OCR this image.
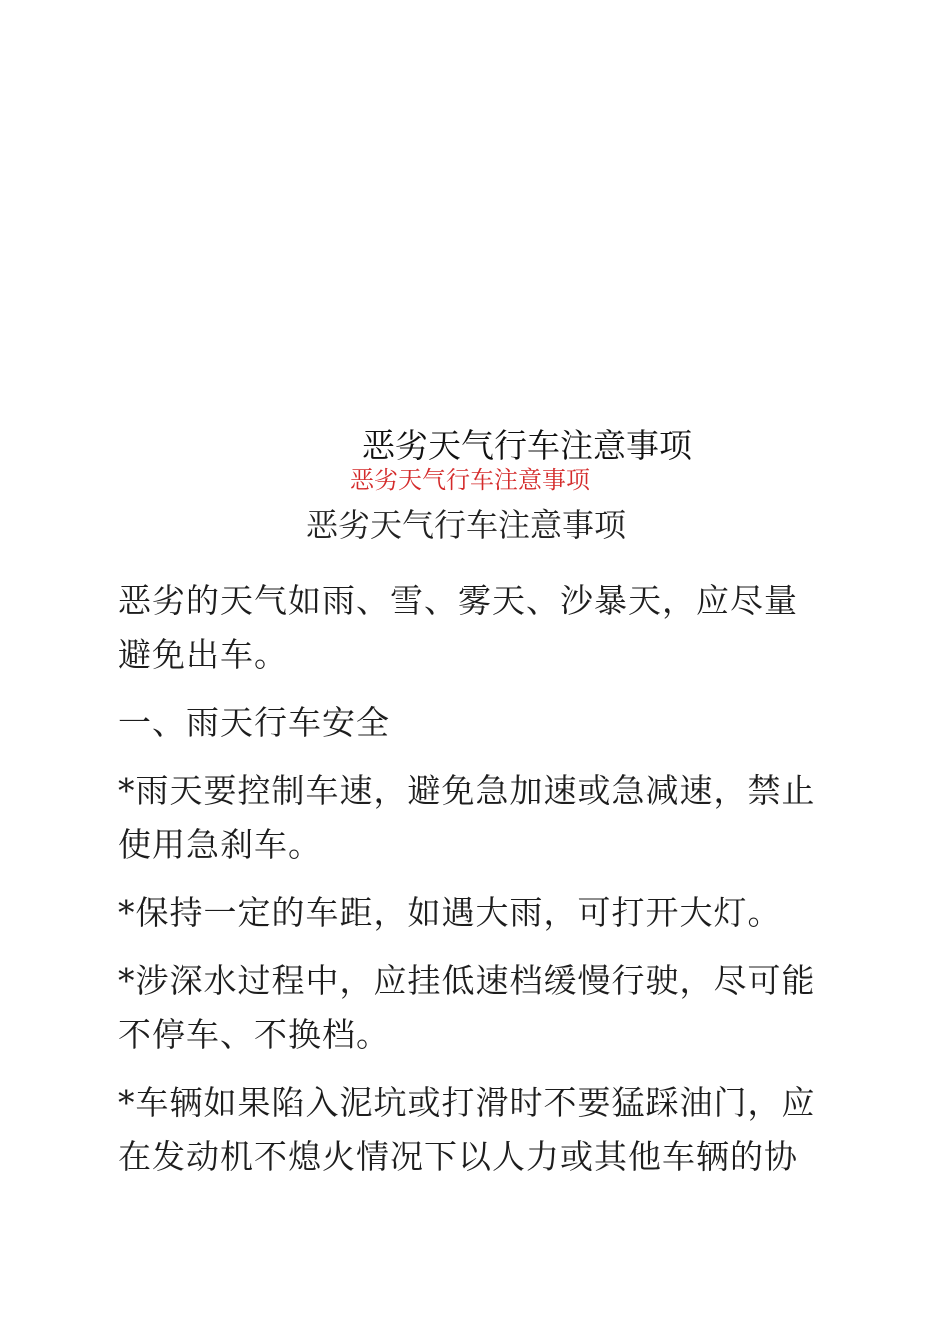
恶劣天气行车注意事项
恶劣天气行车注意事项
恶劣天气行车注意事项

恶劣的天气如雨、雪、雾天、沙暴天，应尽量避免出车。

一、雨天行车安全

*雨天要控制车速，避免急加速或急减速，禁止使用急刹车。

*保持一定的车距，如遇大雨，可打开大灯。

*涉深水过程中，应挂低速档缓慢行驶，尽可能不停车、不换档。

*车辆如果陷入泥坑或打滑时不要猛踩油门，应在发动机不熄火情况下以人力或其他车辆的协
